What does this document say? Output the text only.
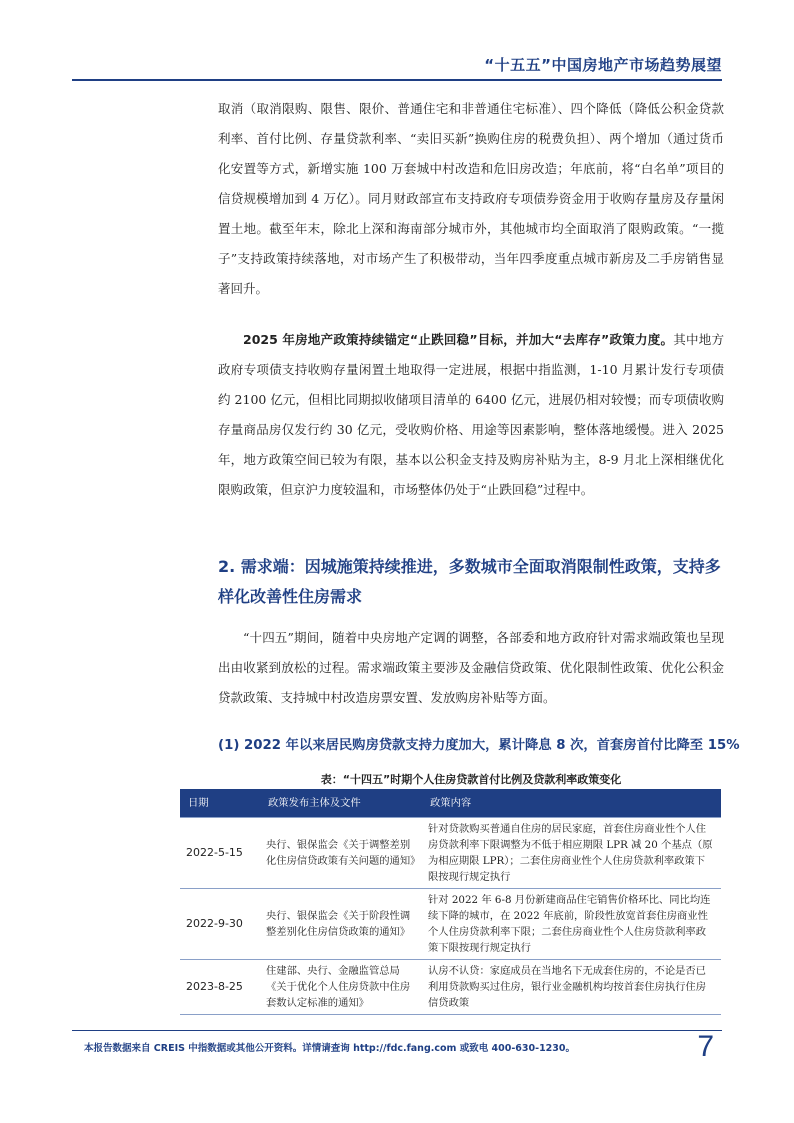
“十五五”中国房地产市场趋势展望

取消（取消限购、限售、限价、普通住宅和非普通住宅标准）、四个降低（降低公积金贷款利率、首付比例、存量贷款利率、“卖旧买新”换购住房的税费负担）、两个增加（通过货币化安置等方式，新增实施 100 万套城中村改造和危旧房改造；年底前，将“白名单”项目的信贷规模增加到 4 万亿）。同月财政部宣布支持政府专项债券资金用于收购存量房及存量闲置土地。截至年末，除北上深和海南部分城市外，其他城市均全面取消了限购政策。“一揽子”支持政策持续落地，对市场产生了积极带动，当年四季度重点城市新房及二手房销售显著回升。

2025 年房地产政策持续锚定“止跌回稳”目标，并加大“去库存”政策力度。其中地方政府专项债支持收购存量闲置土地取得一定进展，根据中指监测，1-10 月累计发行专项债约 2100 亿元，但相比同期拟收储项目清单的 6400 亿元，进展仍相对较慢；而专项债收购存量商品房仅发行约 30 亿元，受收购价格、用途等因素影响，整体落地缓慢。进入 2025 年，地方政策空间已较为有限，基本以公积金支持及购房补贴为主，8-9 月北上深相继优化限购政策，但京沪力度较温和，市场整体仍处于“止跌回稳”过程中。

2. 需求端：因城施策持续推进，多数城市全面取消限制性政策，支持多样化改善性住房需求

“十四五”期间，随着中央房地产定调的调整，各部委和地方政府针对需求端政策也呈现出由收紧到放松的过程。需求端政策主要涉及金融信贷政策、优化限制性政策、优化公积金贷款政策、支持城中村改造房票安置、发放购房补贴等方面。

(1) 2022 年以来居民购房贷款支持力度加大，累计降息 8 次，首套房首付比降至 15%
表：“十四五”时期个人住房贷款首付比例及贷款利率政策变化
日期	政策发布主体及文件	政策内容
2022-5-15	央行、银保监会《关于调整差别化住房信贷政策有关问题的通知》	针对贷款购买普通自住房的居民家庭，首套住房商业性个人住房贷款利率下限调整为不低于相应期限 LPR 减 20 个基点（原为相应期限 LPR）；二套住房商业性个人住房贷款利率政策下限按现行规定执行
2022-9-30	央行、银保监会《关于阶段性调整差别化住房信贷政策的通知》	针对 2022 年 6-8 月份新建商品住宅销售价格环比、同比均连续下降的城市，在 2022 年底前，阶段性放宽首套住房商业性个人住房贷款利率下限；二套住房商业性个人住房贷款利率政策下限按现行规定执行
2023-8-25	住建部、央行、金融监管总局《关于优化个人住房贷款中住房套数认定标准的通知》	认房不认贷：家庭成员在当地名下无成套住房的，不论是否已利用贷款购买过住房，银行业金融机构均按首套住房执行住房信贷政策
本报告数据来自 CREIS 中指数据或其他公开资料。详情请查询 http://fdc.fang.com 或致电 400-630-1230。	7
